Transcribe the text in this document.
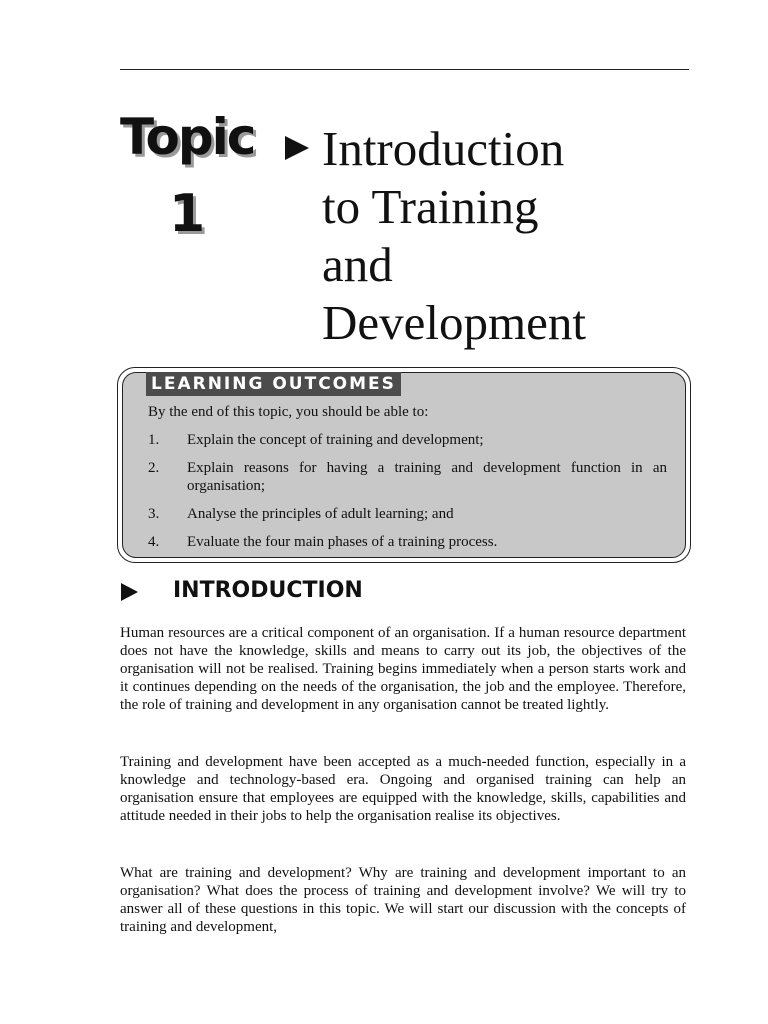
Topic
1
Introduction
to Training
and
Development
LEARNING OUTCOMES
By the end of this topic, you should be able to:
1. Explain the concept of training and development;
2. Explain reasons for having a training and development function in an organisation;
3. Analyse the principles of adult learning; and
4. Evaluate the four main phases of a training process.
INTRODUCTION

Human resources are a critical component of an organisation. If a human resource department does not have the knowledge, skills and means to carry out its job, the objectives of the organisation will not be realised. Training begins immediately when a person starts work and it continues depending on the needs of the organisation, the job and the employee. Therefore, the role of training and development in any organisation cannot be treated lightly.

Training and development have been accepted as a much-needed function, especially in a knowledge and technology-based era. Ongoing and organised training can help an organisation ensure that employees are equipped with the knowledge, skills, capabilities and attitude needed in their jobs to help the organisation realise its objectives.

What are training and development? Why are training and development important to an organisation? What does the process of training and development involve? We will try to answer all of these questions in this topic. We will start our discussion with the concepts of training and development,
